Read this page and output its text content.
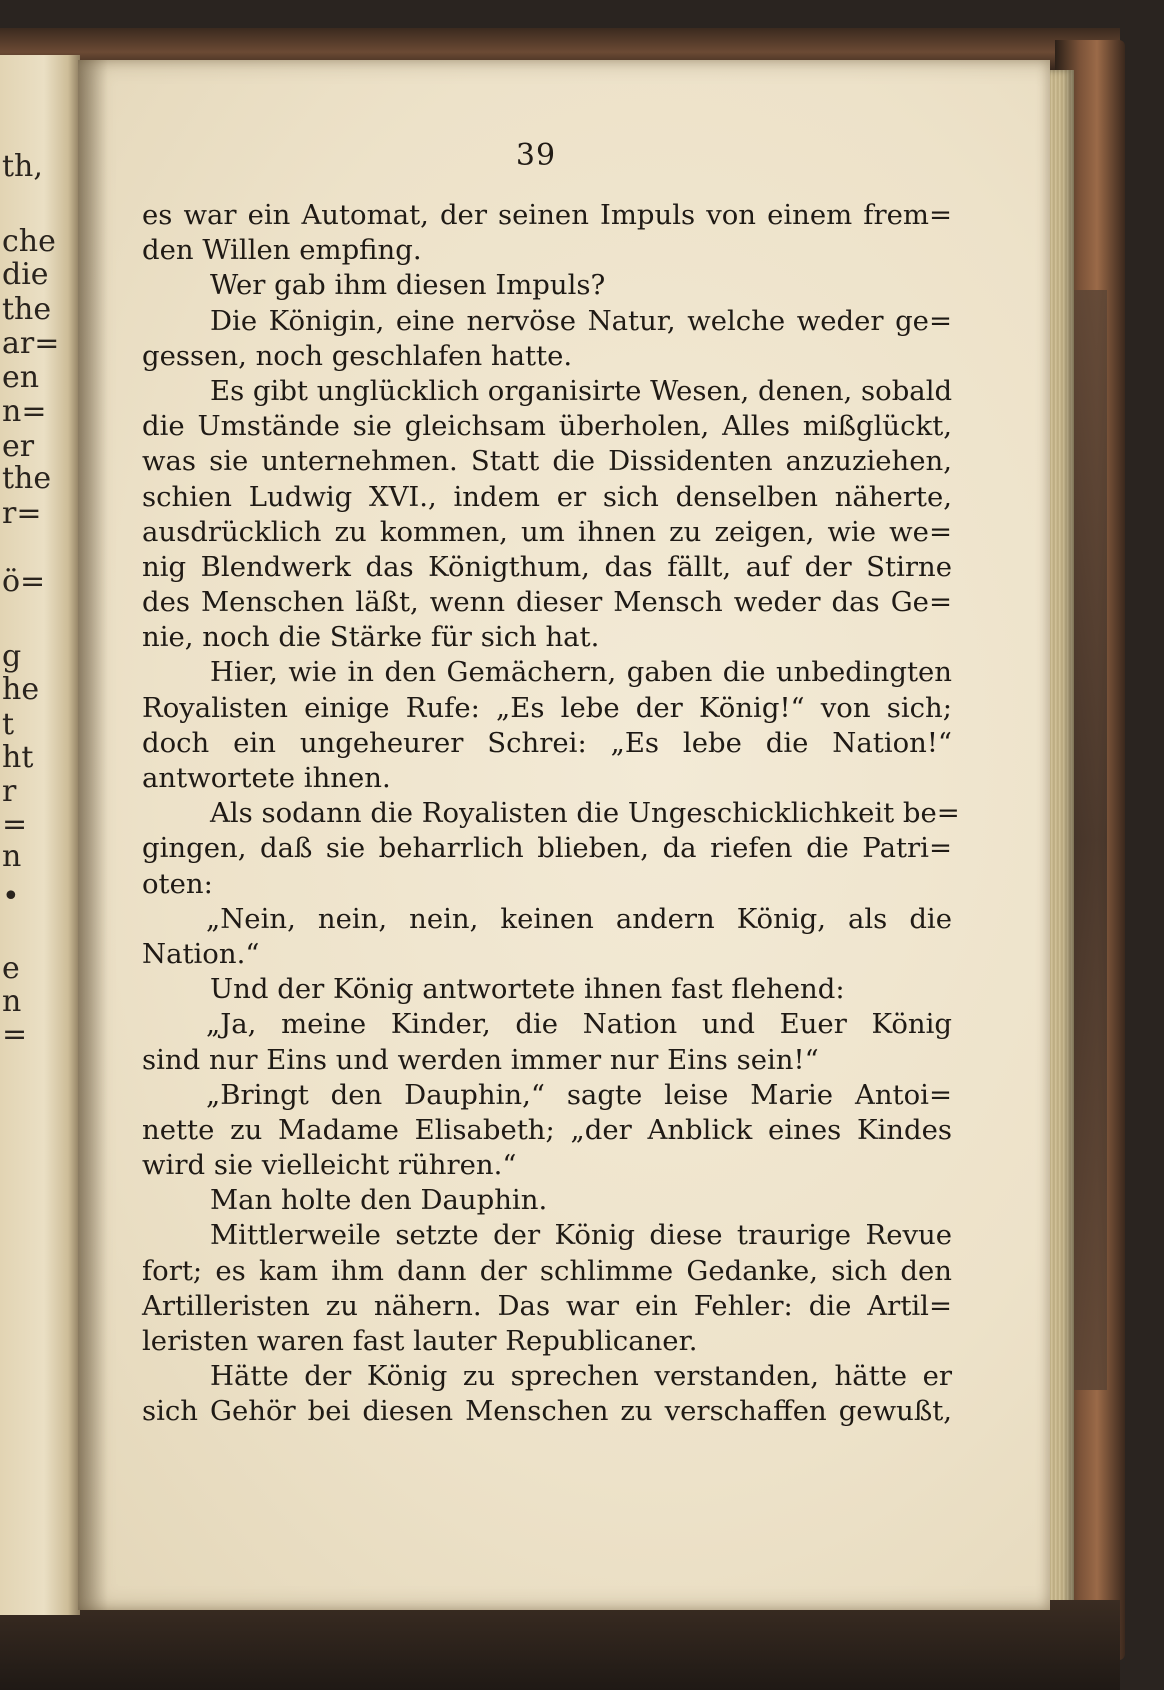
th,
che
die
the
ar=
en
n=
er
the
r=
ö=
g
he
t
ht
r
=
n
•
e
n
=
39
es war ein Automat, der seinen Impuls von einem frem=
den Willen empfing.
Wer gab ihm diesen Impuls?
Die Königin, eine nervöse Natur, welche weder ge=
gessen, noch geschlafen hatte.
Es gibt unglücklich organisirte Wesen, denen, sobald
die Umstände sie gleichsam überholen, Alles mißglückt,
was sie unternehmen. Statt die Dissidenten anzuziehen,
schien Ludwig XVI., indem er sich denselben näherte,
ausdrücklich zu kommen, um ihnen zu zeigen, wie we=
nig Blendwerk das Königthum, das fällt, auf der Stirne
des Menschen läßt, wenn dieser Mensch weder das Ge=
nie, noch die Stärke für sich hat.
Hier, wie in den Gemächern, gaben die unbedingten
Royalisten einige Rufe: „Es lebe der König!“ von sich;
doch ein ungeheurer Schrei: „Es lebe die Nation!“
antwortete ihnen.
Als sodann die Royalisten die Ungeschicklichkeit be=
gingen, daß sie beharrlich blieben, da riefen die Patri=
oten:
„Nein, nein, nein, keinen andern König, als die
Nation.“
Und der König antwortete ihnen fast flehend:
„Ja, meine Kinder, die Nation und Euer König
sind nur Eins und werden immer nur Eins sein!“
„Bringt den Dauphin,“ sagte leise Marie Antoi=
nette zu Madame Elisabeth; „der Anblick eines Kindes
wird sie vielleicht rühren.“
Man holte den Dauphin.
Mittlerweile setzte der König diese traurige Revue
fort; es kam ihm dann der schlimme Gedanke, sich den
Artilleristen zu nähern. Das war ein Fehler: die Artil=
leristen waren fast lauter Republicaner.
Hätte der König zu sprechen verstanden, hätte er
sich Gehör bei diesen Menschen zu verschaffen gewußt,
